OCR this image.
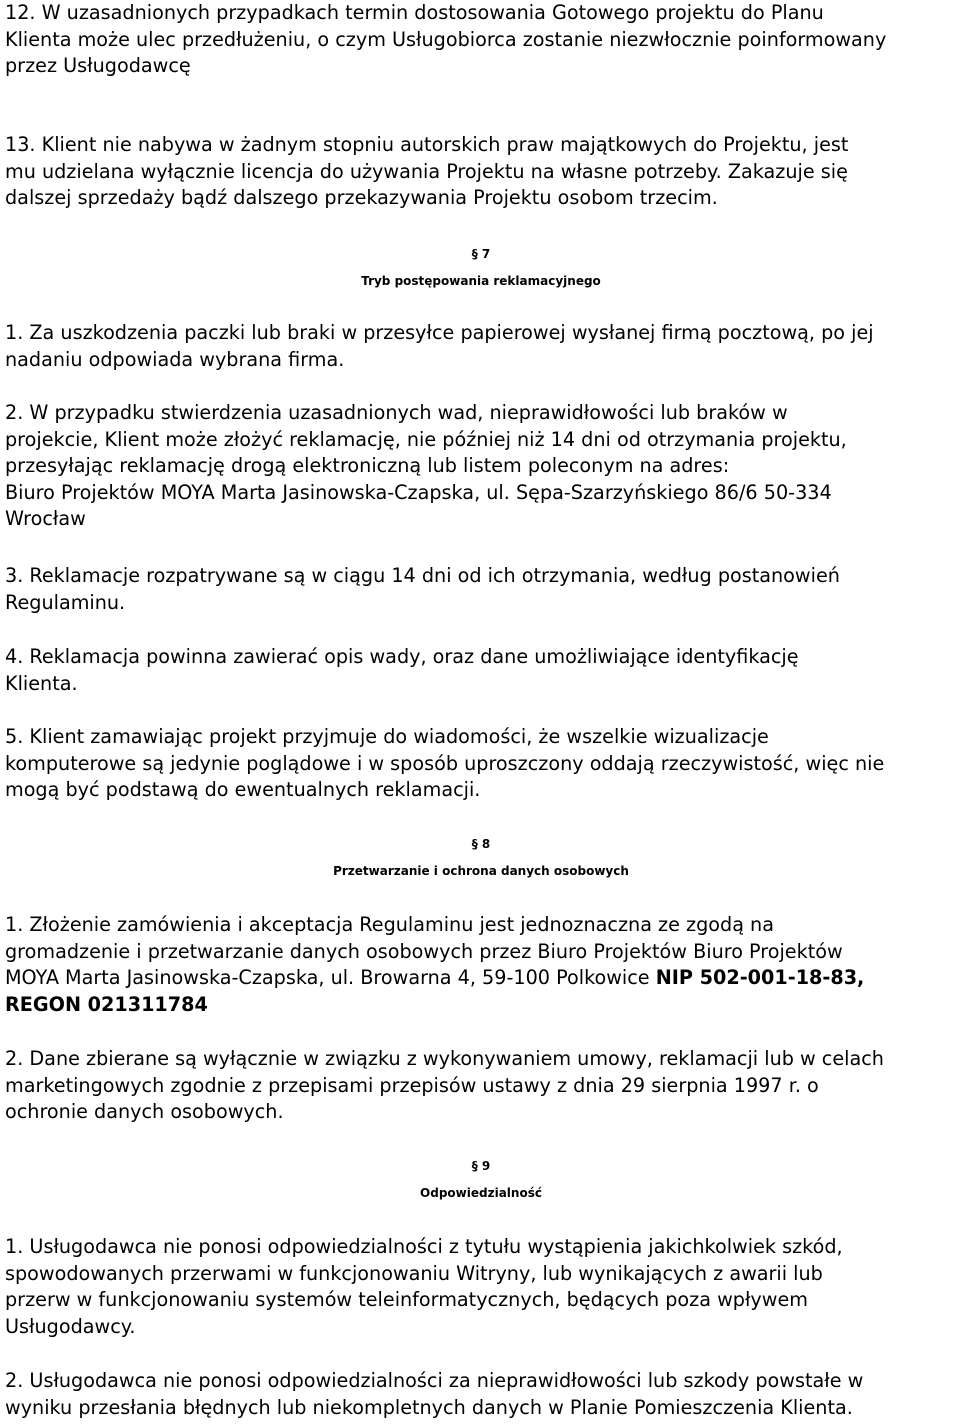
12. W uzasadnionych przypadkach termin dostosowania Gotowego projektu do Planu
Klienta może ulec przedłużeniu, o czym Usługobiorca zostanie niezwłocznie poinformowany
przez Usługodawcę
13. Klient nie nabywa w żadnym stopniu autorskich praw majątkowych do Projektu, jest
mu udzielana wyłącznie licencja do używania Projektu na własne potrzeby. Zakazuje się
dalszej sprzedaży bądź dalszego przekazywania Projektu osobom trzecim.
§ 7
Tryb postępowania reklamacyjnego
1. Za uszkodzenia paczki lub braki w przesyłce papierowej wysłanej firmą pocztową, po jej
nadaniu odpowiada wybrana firma.
2. W przypadku stwierdzenia uzasadnionych wad, nieprawidłowości lub braków w
projekcie, Klient może złożyć reklamację, nie później niż 14 dni od otrzymania projektu,
przesyłając reklamację drogą elektroniczną lub listem poleconym na adres:
Biuro Projektów MOYA Marta Jasinowska-Czapska, ul. Sępa-Szarzyńskiego 86/6 50-334
Wrocław
3. Reklamacje rozpatrywane są w ciągu 14 dni od ich otrzymania, według postanowień
Regulaminu.
4. Reklamacja powinna zawierać opis wady, oraz dane umożliwiające identyfikację
Klienta.
5. Klient zamawiając projekt przyjmuje do wiadomości, że wszelkie wizualizacje
komputerowe są jedynie poglądowe i w sposób uproszczony oddają rzeczywistość, więc nie
mogą być podstawą do ewentualnych reklamacji.
§ 8
Przetwarzanie i ochrona danych osobowych
1. Złożenie zamówienia i akceptacja Regulaminu jest jednoznaczna ze zgodą na
gromadzenie i przetwarzanie danych osobowych przez Biuro Projektów Biuro Projektów
MOYA Marta Jasinowska-Czapska, ul. Browarna 4, 59-100 Polkowice NIP 502-001-18-83,
REGON 021311784
2. Dane zbierane są wyłącznie w związku z wykonywaniem umowy, reklamacji lub w celach
marketingowych zgodnie z przepisami przepisów ustawy z dnia 29 sierpnia 1997 r. o
ochronie danych osobowych.
§ 9
Odpowiedzialność
1. Usługodawca nie ponosi odpowiedzialności z tytułu wystąpienia jakichkolwiek szkód,
spowodowanych przerwami w funkcjonowaniu Witryny, lub wynikających z awarii lub
przerw w funkcjonowaniu systemów teleinformatycznych, będących poza wpływem
Usługodawcy.
2. Usługodawca nie ponosi odpowiedzialności za nieprawidłowości lub szkody powstałe w
wyniku przesłania błędnych lub niekompletnych danych w Planie Pomieszczenia Klienta.
